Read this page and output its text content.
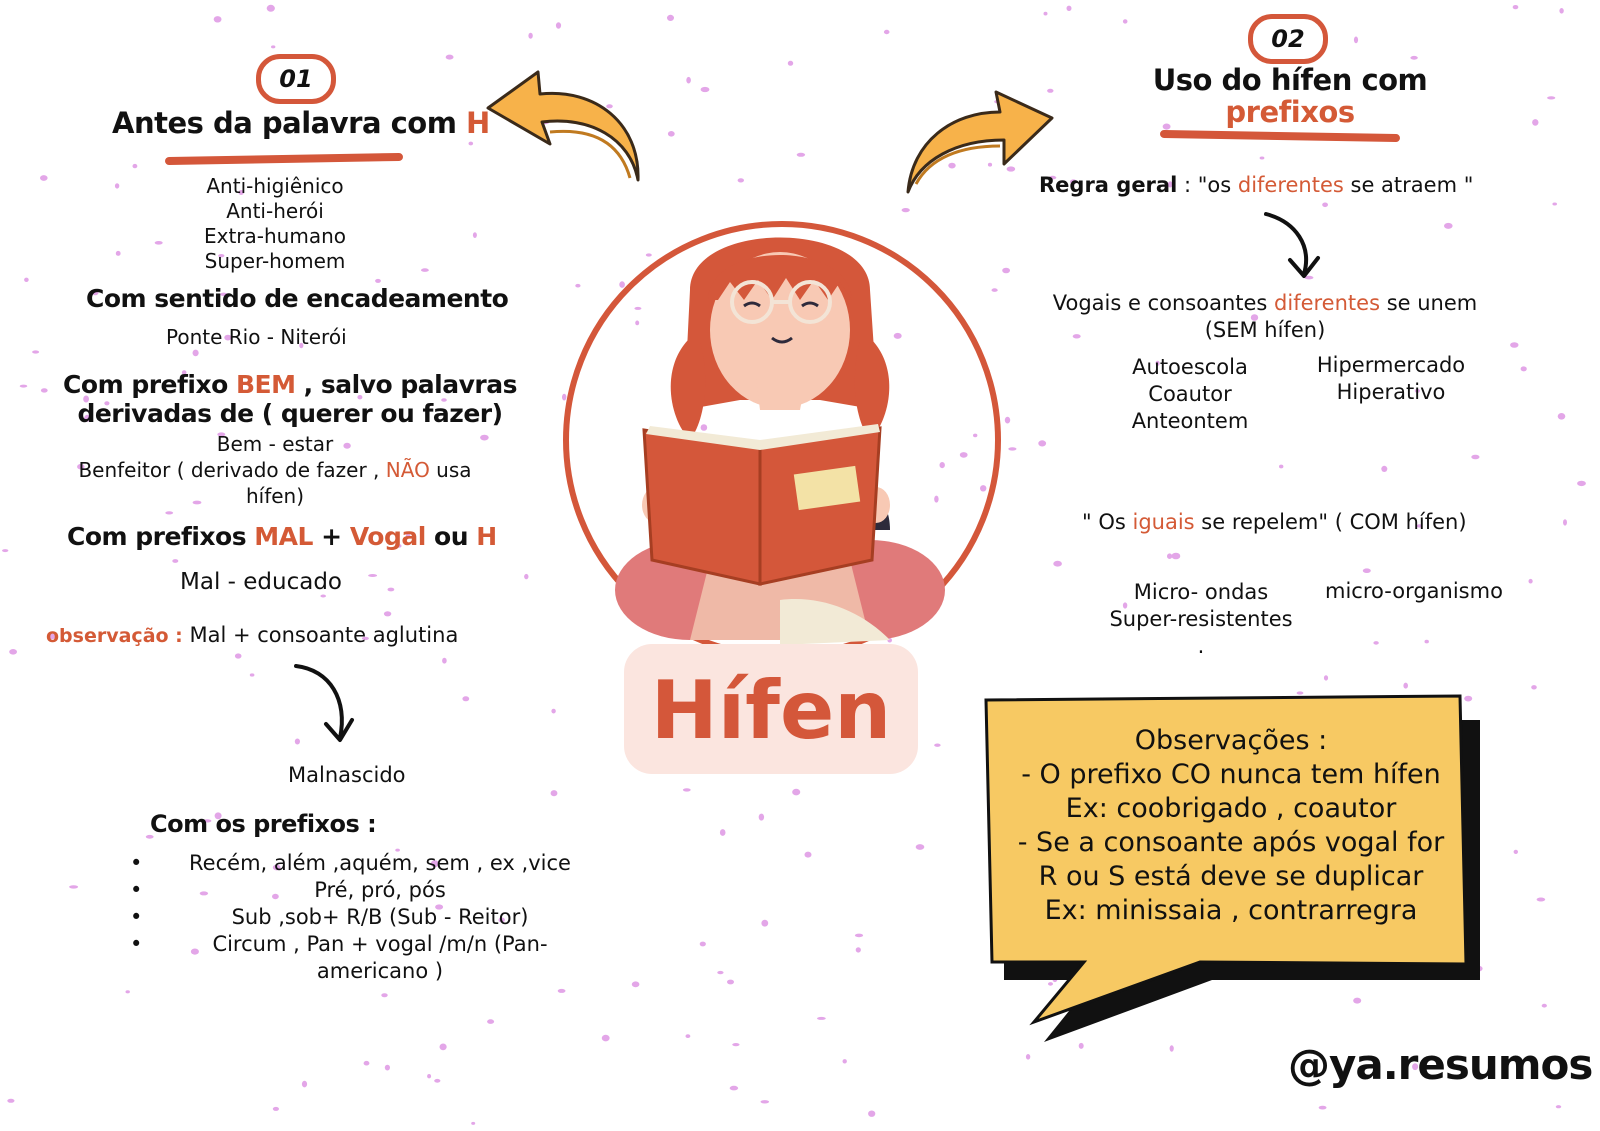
01
Antes da palavra com H
Anti-higiênico
Anti-herói
Extra-humano
Super-homem
Com sentido de encadeamento
Ponte Rio - Niterói
Com prefixo BEM , salvo palavras
derivadas de ( querer ou fazer)
Bem - estar
Benfeitor ( derivado de fazer , NÃO usa
hífen)
Com prefixos MAL + Vogal ou H
Mal - educado
observação : Mal + consoante aglutina
Malnascido
Com os prefixos :
•	Recém, além ,aquém, sem , ex ,vice
•	Pré, pró, pós
•	Sub ,sob+ R/B (Sub - Reitor)
•	Circum , Pan + vogal /m/n (Pan-
americano )
Hífen
02
Uso do hífen com
prefixos
Regra geral : "os diferentes se atraem "
Vogais e consoantes diferentes se unem
(SEM hífen)
Autoescola
Coautor
Anteontem
Hipermercado
Hiperativo
" Os iguais se repelem" ( COM hífen)
Micro- ondas
Super-resistentes
.
micro-organismo
Observações :
- O prefixo CO nunca tem hífen
Ex: coobrigado , coautor
- Se a consoante após vogal for
R ou S está deve se duplicar
Ex: minissaia , contrarregra
@ya.resumos
